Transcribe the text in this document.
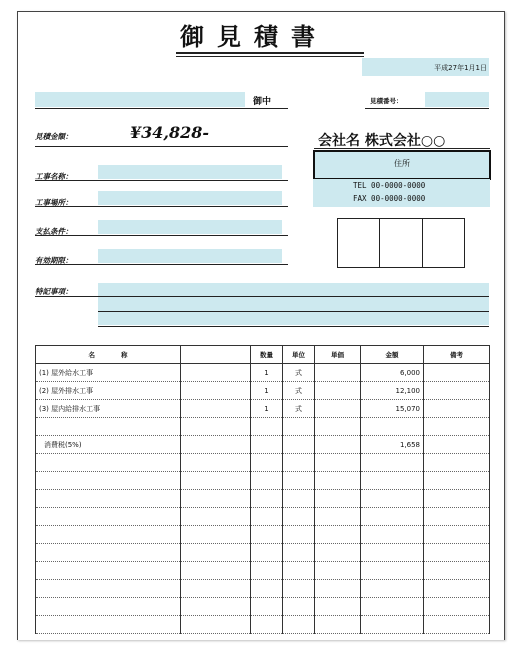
御見積書
平成27年1月1日
御中	見積番号：
見積金額：	¥34,828-	会社名 株式会社○○
住所
TEL 00-0000-0000
FAX 00-0000-0000
工事名称：
工事場所：
支払条件：
有効期限：
特記事項：
名　　　　称		数量	単位	単価	金額	備考
(1) 屋外給水工事		1	式		6,000	
(2) 屋外排水工事		1	式		12,100	
(3) 屋内給排水工事		1	式		15,070	

消費税(5%)					1,658	
